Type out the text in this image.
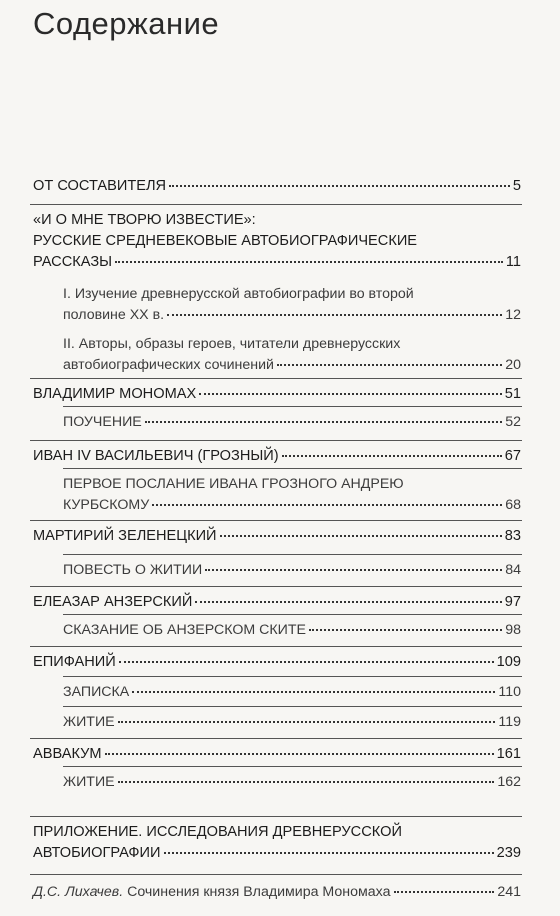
Содержание
ОТ СОСТАВИТЕЛЯ	5
«И О МНЕ ТВОРЮ ИЗВЕСТИЕ»:
РУССКИЕ СРЕДНЕВЕКОВЫЕ АВТОБИОГРАФИЧЕСКИЕ
РАССКАЗЫ	11
I. Изучение древнерусской автобиографии во второй
половине XX в.	12
II. Авторы, образы героев, читатели древнерусских
автобиографических сочинений	20
ВЛАДИМИР МОНОМАХ	51
ПОУЧЕНИЕ	52
ИВАН IV ВАСИЛЬЕВИЧ (ГРОЗНЫЙ)	67
ПЕРВОЕ ПОСЛАНИЕ ИВАНА ГРОЗНОГО АНДРЕЮ
КУРБСКОМУ	68
МАРТИРИЙ ЗЕЛЕНЕЦКИЙ	83
ПОВЕСТЬ О ЖИТИИ	84
ЕЛЕАЗАР АНЗЕРСКИЙ	97
СКАЗАНИЕ ОБ АНЗЕРСКОМ СКИТЕ	98
ЕПИФАНИЙ	109
ЗАПИСКА	110
ЖИТИЕ	119
АВВАКУМ	161
ЖИТИЕ	162
ПРИЛОЖЕНИЕ. ИССЛЕДОВАНИЯ ДРЕВНЕРУССКОЙ
АВТОБИОГРАФИИ	239
Д.С. Лихачев. Сочинения князя Владимира Мономаха	241
